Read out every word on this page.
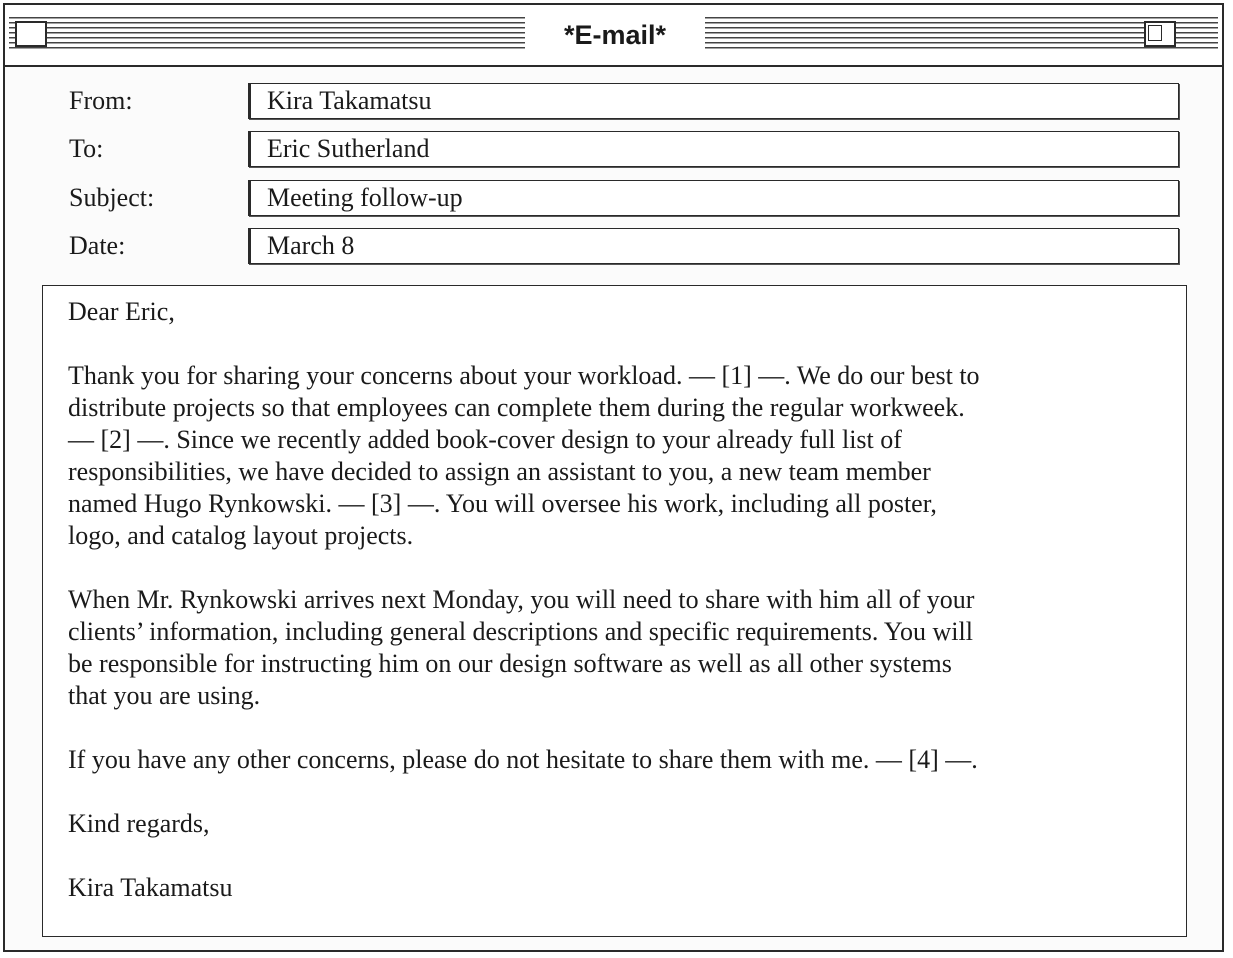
*E-mail*
From:	Kira Takamatsu
To:	Eric Sutherland
Subject:	Meeting follow-up
Date:	March 8

Dear Eric,

Thank you for sharing your concerns about your workload. — [1] —. We do our best to

distribute projects so that employees can complete them during the regular workweek.

— [2] —. Since we recently added book-cover design to your already full list of

responsibilities, we have decided to assign an assistant to you, a new team member

named Hugo Rynkowski. — [3] —. You will oversee his work, including all poster,

logo, and catalog layout projects.

When Mr. Rynkowski arrives next Monday, you will need to share with him all of your

clients’ information, including general descriptions and specific requirements. You will

be responsible for instructing him on our design software as well as all other systems

that you are using.

If you have any other concerns, please do not hesitate to share them with me. — [4] —.

Kind regards,

Kira Takamatsu
